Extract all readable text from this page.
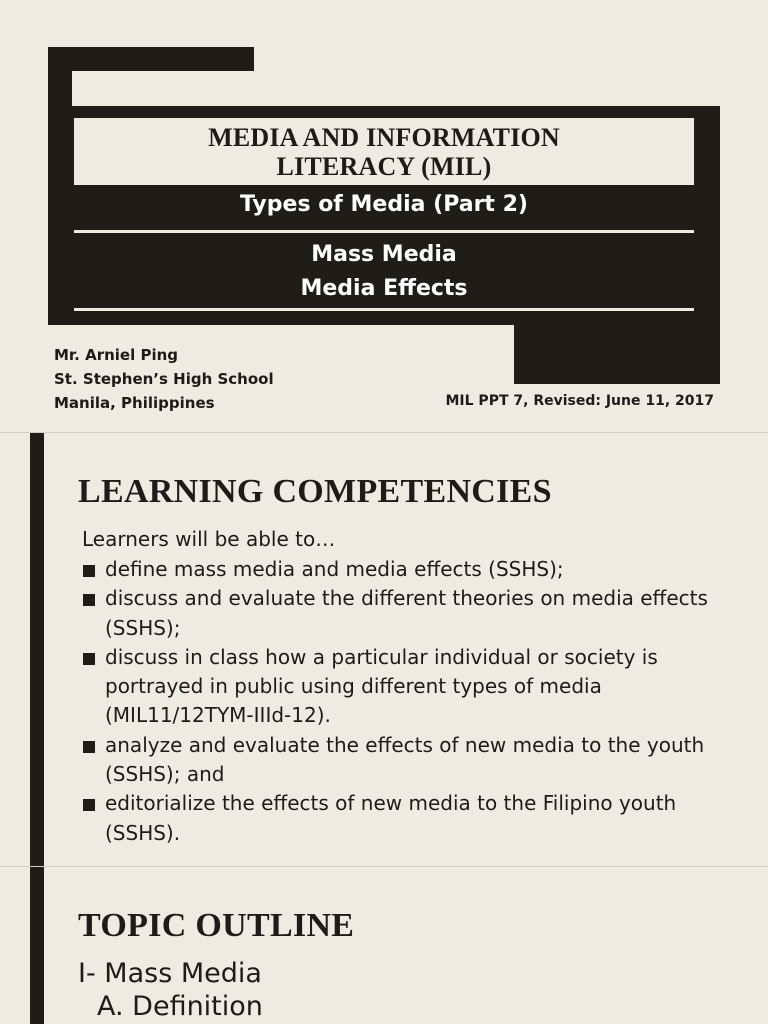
MEDIA AND INFORMATION
LITERACY (MIL)
Types of Media (Part 2)
Mass Media
Media Effects
Mr. Arniel Ping
St. Stephen’s High School
Manila, Philippines	MIL PPT 7, Revised: June 11, 2017
LEARNING COMPETENCIES
Learners will be able to…
define mass media and media effects (SSHS);
discuss and evaluate the different theories on media effects (SSHS);
discuss in class how a particular individual or society is portrayed in public using different types of media (MIL11/12TYM-IIId-12).
analyze and evaluate the effects of new media to the youth (SSHS); and
editorialize the effects of new media to the Filipino youth (SSHS).
TOPIC OUTLINE
I- Mass Media
A. Definition
